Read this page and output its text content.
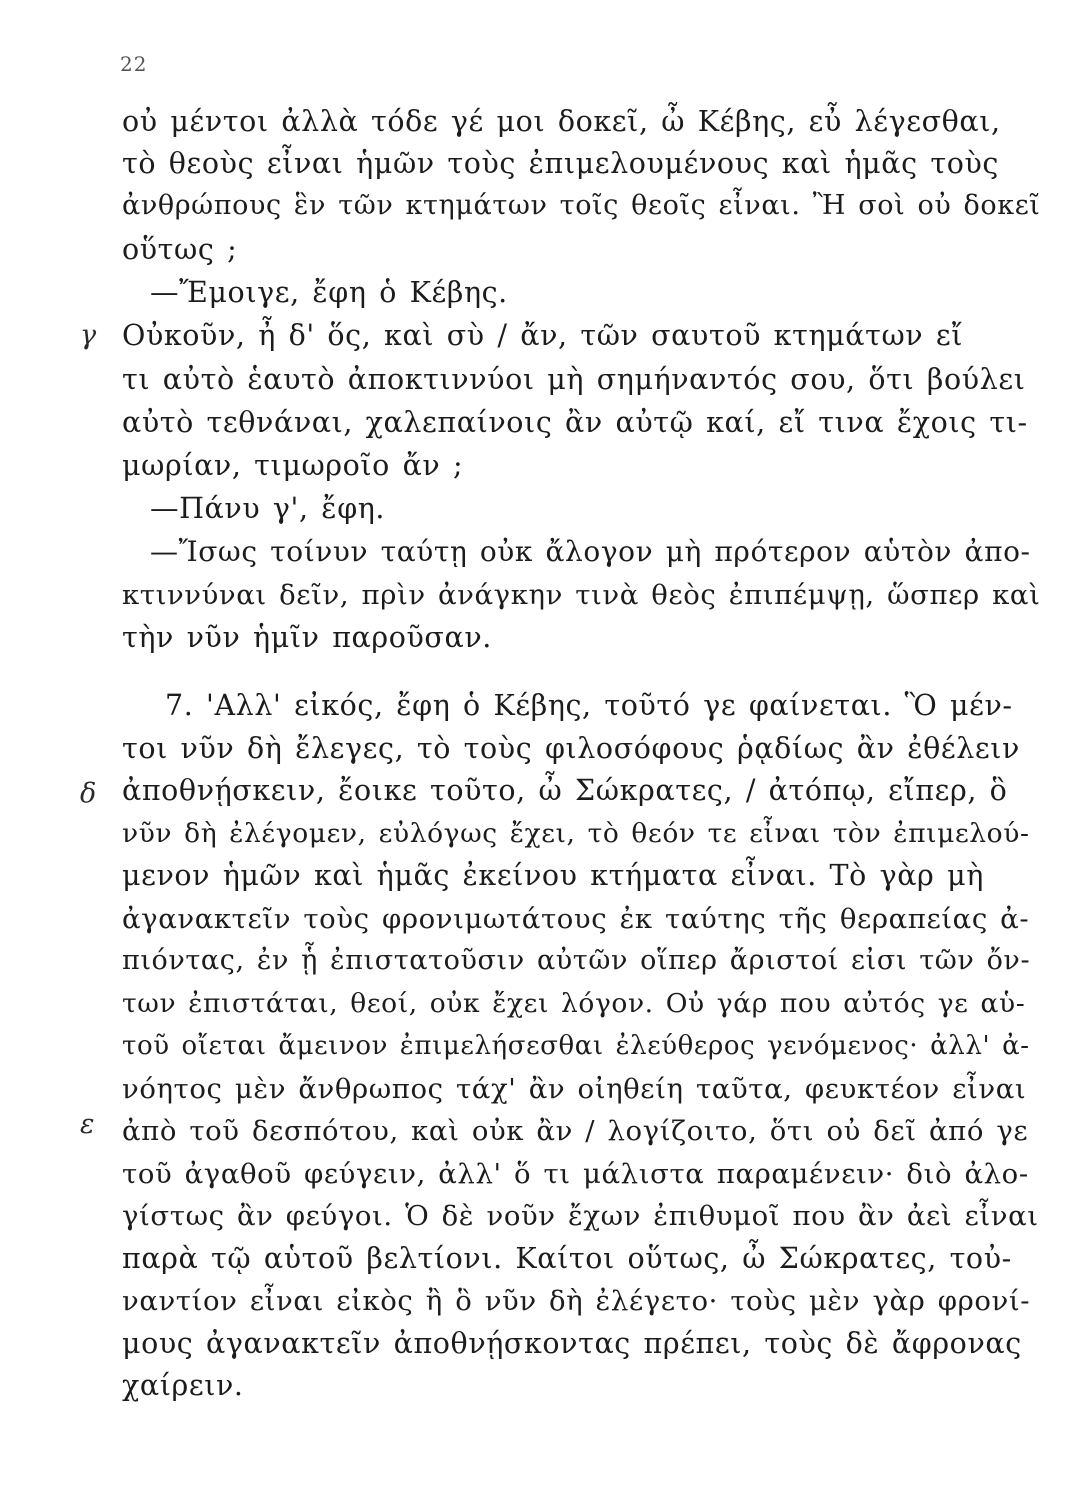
22
γ
δ
ε
οὐ μέντοι ἀλλὰ τόδε γέ μοι δοκεῖ, ὦ Κέβης, εὖ λέγεσθαι,
τὸ θεοὺς εἶναι ἡμῶν τοὺς ἐπιμελουμένους καὶ ἡμᾶς τοὺς
ἀνθρώπους ἓν τῶν κτημάτων τοῖς θεοῖς εἶναι. Ἢ σοὶ οὐ δοκεῖ
οὕτως ;
—Ἔμοιγε, ἔφη ὁ Κέβης.
Οὐκοῦν, ἦ δ' ὅς, καὶ σὺ / ἄν, τῶν σαυτοῦ κτημάτων εἴ
τι αὐτὸ ἑαυτὸ ἀποκτιννύοι μὴ σημήναντός σου, ὅτι βούλει
αὐτὸ τεθνάναι, χαλεπαίνοις ἂν αὐτῷ καί, εἴ τινα ἔχοις τι-
μωρίαν, τιμωροῖο ἄν ;
—Πάνυ γ', ἔφη.
—Ἴσως τοίνυν ταύτῃ οὐκ ἄλογον μὴ πρότερον αὑτὸν ἀπο-
κτιννύναι δεῖν, πρὶν ἀνάγκην τινὰ θεὸς ἐπιπέμψῃ, ὥσπερ καὶ
τὴν νῦν ἡμῖν παροῦσαν.
7. 'Αλλ' εἰκός, ἔφη ὁ Κέβης, τοῦτό γε φαίνεται. Ὃ μέν-
τοι νῦν δὴ ἔλεγες, τὸ τοὺς φιλοσόφους ῥᾳδίως ἂν ἐθέλειν
ἀποθνῄσκειν, ἔοικε τοῦτο, ὦ Σώκρατες, / ἀτόπῳ, εἴπερ, ὃ
νῦν δὴ ἐλέγομεν, εὐλόγως ἔχει, τὸ θεόν τε εἶναι τὸν ἐπιμελού-
μενον ἡμῶν καὶ ἡμᾶς ἐκείνου κτήματα εἶναι. Τὸ γὰρ μὴ
ἀγανακτεῖν τοὺς φρονιμωτάτους ἐκ ταύτης τῆς θεραπείας ἀ-
πιόντας, ἐν ᾗ ἐπιστατοῦσιν αὐτῶν οἵπερ ἄριστοί εἰσι τῶν ὄν-
των ἐπιστάται, θεοί, οὐκ ἔχει λόγον. Οὐ γάρ που αὐτός γε αὑ-
τοῦ οἴεται ἄμεινον ἐπιμελήσεσθαι ἐλεύθερος γενόμενος· ἀλλ' ἀ-
νόητος μὲν ἄνθρωπος τάχ' ἂν οἰηθείη ταῦτα, φευκτέον εἶναι
ἀπὸ τοῦ δεσπότου, καὶ οὐκ ἂν / λογίζοιτο, ὅτι οὐ δεῖ ἀπό γε
τοῦ ἀγαθοῦ φεύγειν, ἀλλ' ὅ τι μάλιστα παραμένειν· διὸ ἀλο-
γίστως ἂν φεύγοι. Ὁ δὲ νοῦν ἔχων ἐπιθυμοῖ που ἂν ἀεὶ εἶναι
παρὰ τῷ αὑτοῦ βελτίονι. Καίτοι οὕτως, ὦ Σώκρατες, τοὐ-
ναντίον εἶναι εἰκὸς ἢ ὃ νῦν δὴ ἐλέγετο· τοὺς μὲν γὰρ φρονί-
μους ἀγανακτεῖν ἀποθνῄσκοντας πρέπει, τοὺς δὲ ἄφρονας
χαίρειν.
